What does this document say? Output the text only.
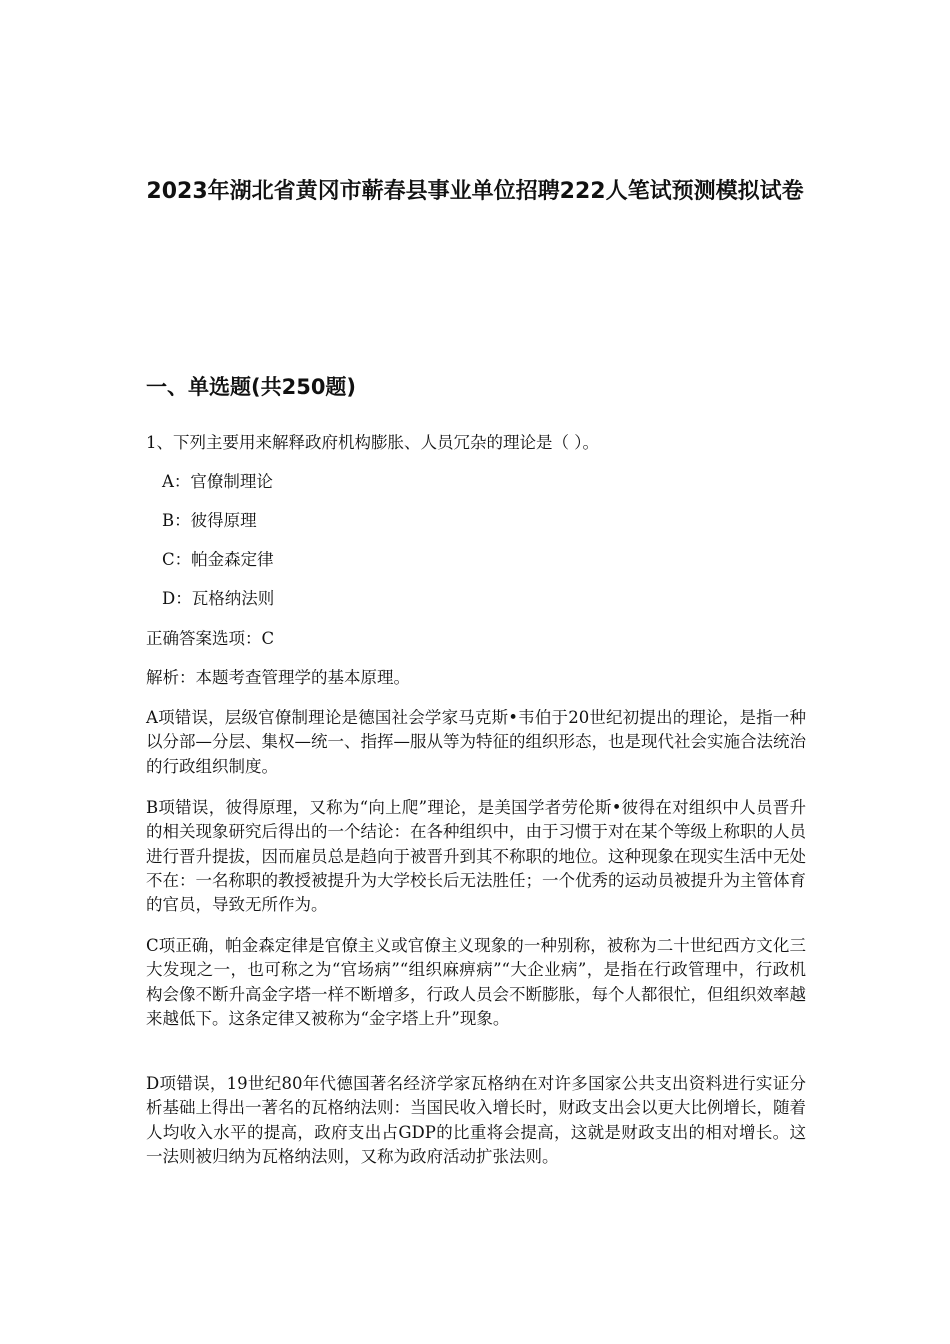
2023年湖北省黄冈市蕲春县事业单位招聘222人笔试预测模拟试卷
一、单选题(共250题)

1、下列主要用来解释政府机构膨胀、人员冗杂的理论是（ ）。

A：官僚制理论
B：彼得原理
C：帕金森定律
D：瓦格纳法则

正确答案选项：C

解析：本题考查管理学的基本原理。

A项错误，层级官僚制理论是德国社会学家马克斯•韦伯于20世纪初提出的理论，是指一种以分部—分层、集权—统一、指挥—服从等为特征的组织形态，也是现代社会实施合法统治的行政组织制度。

B项错误，彼得原理，又称为“向上爬”理论，是美国学者劳伦斯•彼得在对组织中人员晋升的相关现象研究后得出的一个结论：在各种组织中，由于习惯于对在某个等级上称职的人员进行晋升提拔，因而雇员总是趋向于被晋升到其不称职的地位。这种现象在现实生活中无处不在：一名称职的教授被提升为大学校长后无法胜任；一个优秀的运动员被提升为主管体育的官员，导致无所作为。

C项正确，帕金森定律是官僚主义或官僚主义现象的一种别称，被称为二十世纪西方文化三大发现之一，也可称之为“官场病”“组织麻痹病”“大企业病”，是指在行政管理中，行政机构会像不断升高金字塔一样不断增多，行政人员会不断膨胀，每个人都很忙，但组织效率越来越低下。这条定律又被称为“金字塔上升”现象。

D项错误，19世纪80年代德国著名经济学家瓦格纳在对许多国家公共支出资料进行实证分析基础上得出一著名的瓦格纳法则：当国民收入增长时，财政支出会以更大比例增长，随着人均收入水平的提高，政府支出占GDP的比重将会提高，这就是财政支出的相对增长。这一法则被归纳为瓦格纳法则，又称为政府活动扩张法则。
